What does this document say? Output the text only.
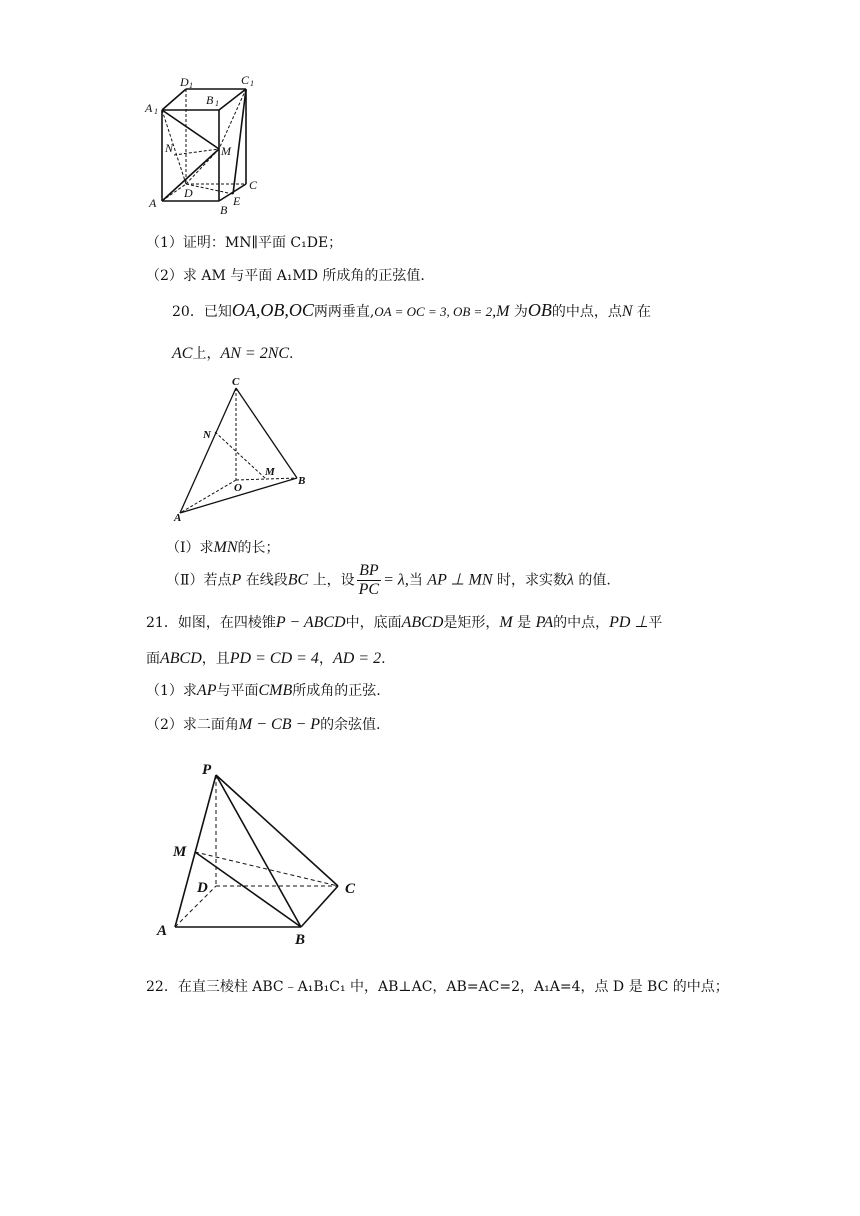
D 1	C 1
A 1
B 1
N	M
D
C
A	B
E
（1）证明：MN∥平面 C₁DE；
（2）求 AM 与平面 A₁MD 所成角的正弦值.
20．已知OA,OB,OC两两垂直,OA = OC = 3, OB = 2,M 为OB的中点，点N 在
AC上，AN = 2NC.
C
N
M
O
B
A
（Ⅰ）求MN的长；
（Ⅱ）若点P 在线段BC 上，设 $\frac{BP}{PC} = \lambda$,当 AP ⊥ MN 时，求实数λ 的值.
21．如图，在四棱锥P − ABCD中，底面ABCD是矩形，M 是 PA的中点，PD ⊥平
面ABCD，且PD = CD = 4，AD = 2.
（1）求AP与平面CMB所成角的正弦.
（2）求二面角M − CB − P的余弦值.
P
M
D	C
A
B
22．在直三棱柱 ABC﹣A₁B₁C₁ 中，AB⊥AC，AB=AC=2，A₁A=4，点 D 是 BC 的中点；
